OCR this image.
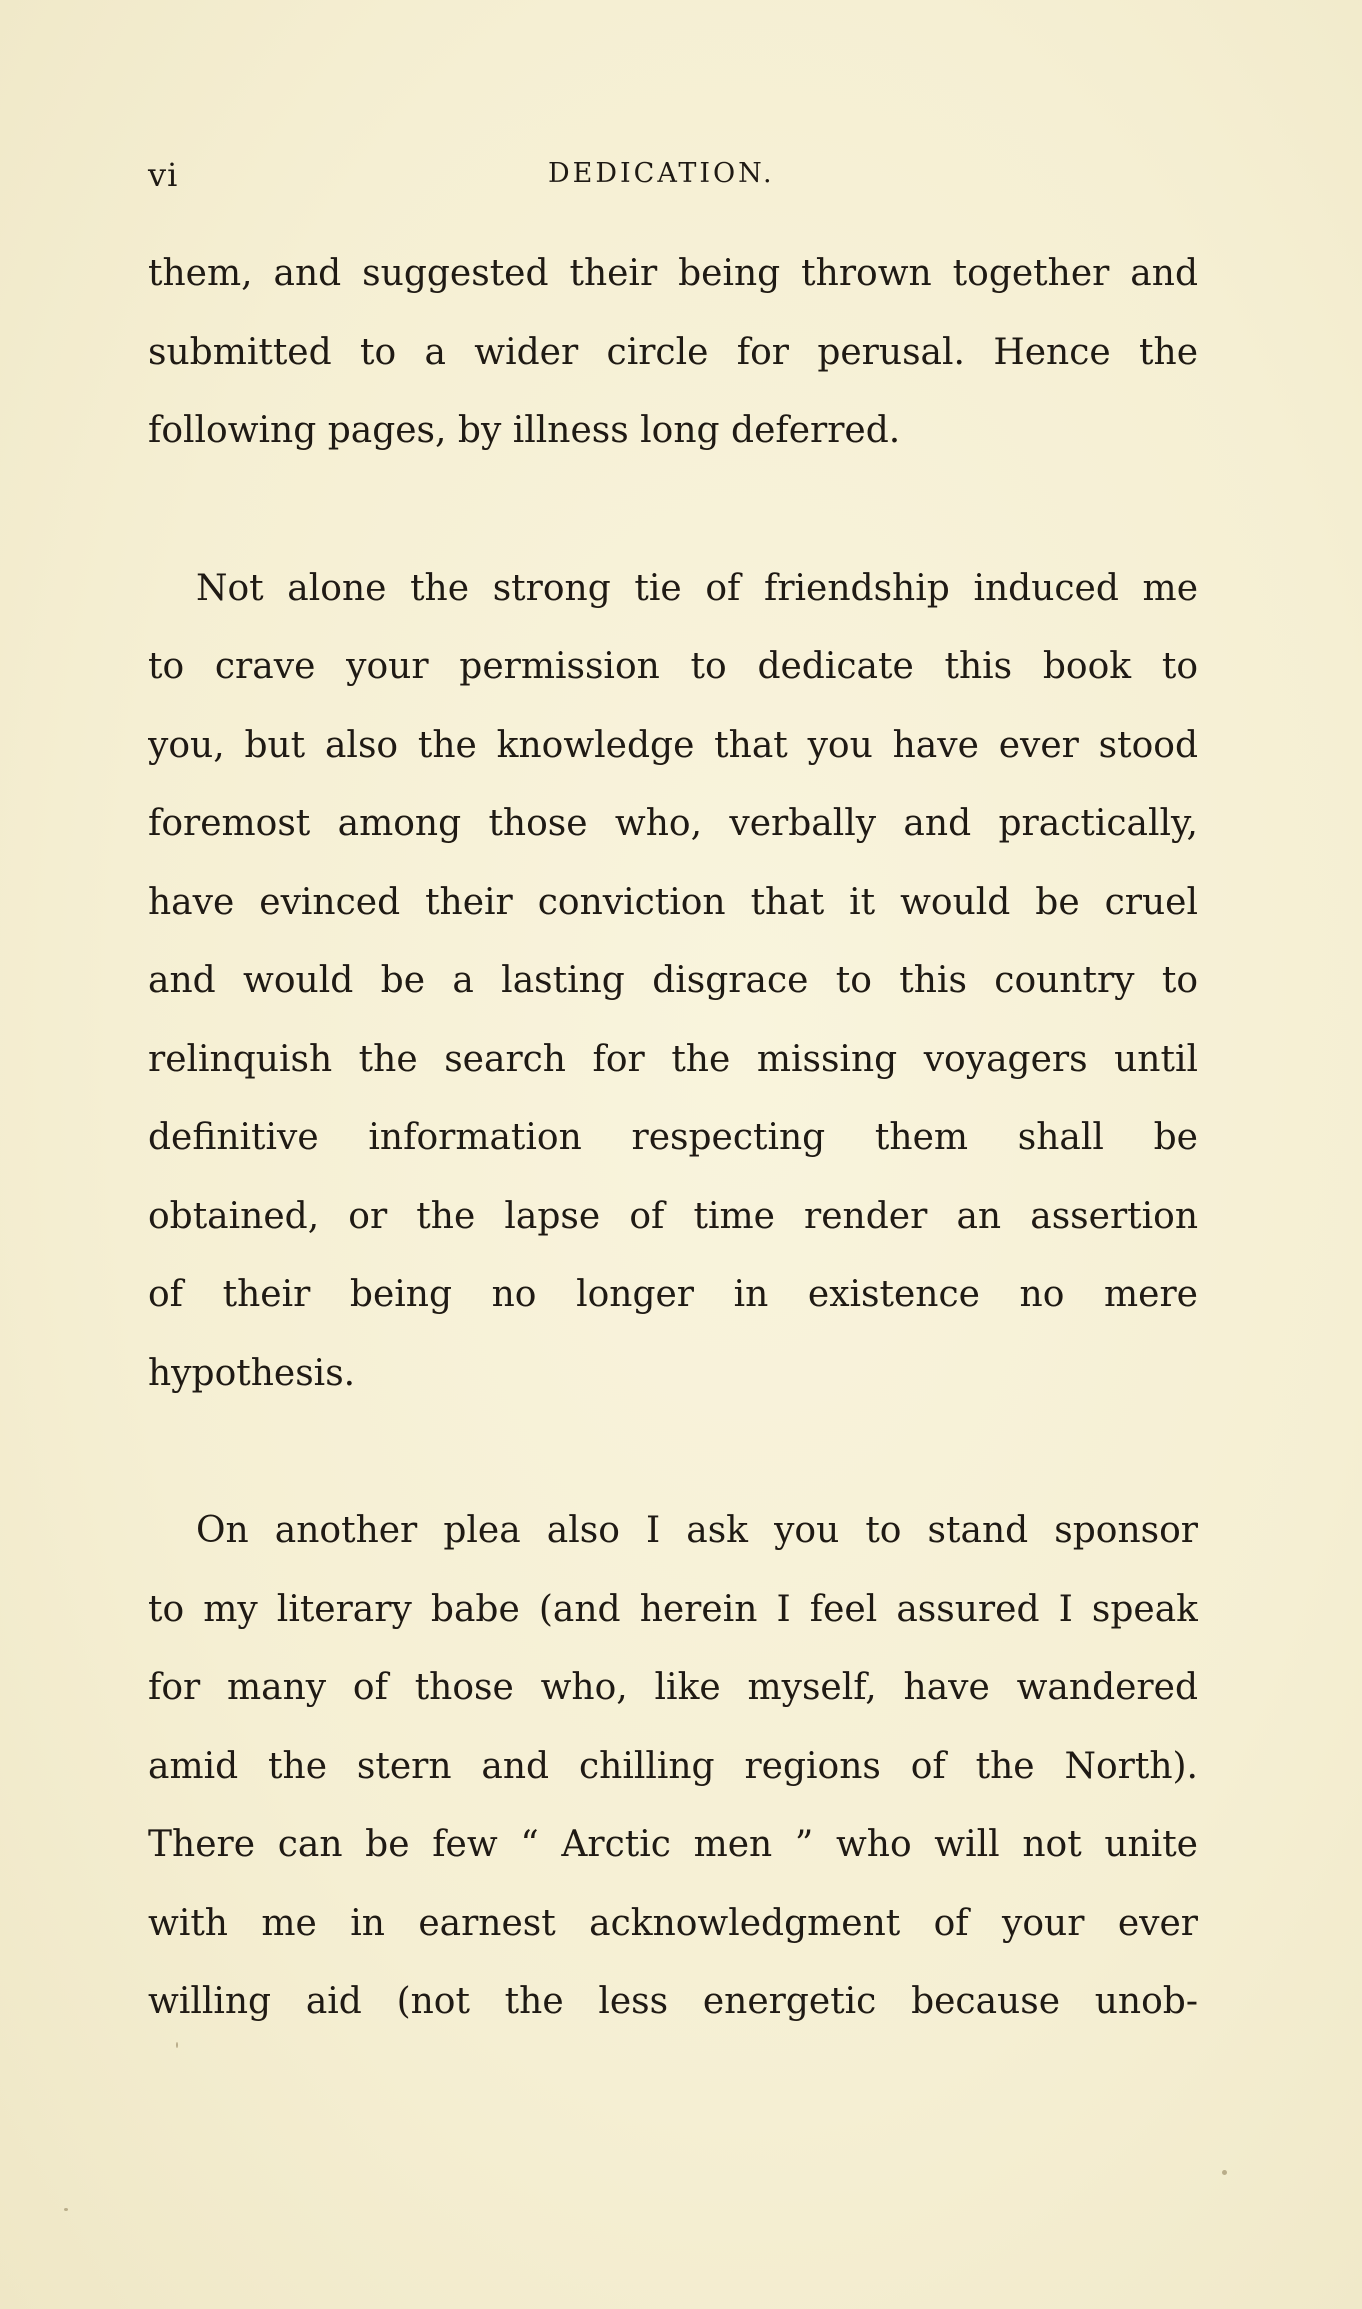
vi	DEDICATION.

them, and suggested their being thrown together and
submitted to a wider circle for perusal. Hence the
following pages, by illness long deferred.

Not alone the strong tie of friendship induced me
to crave your permission to dedicate this book to
you, but also the knowledge that you have ever stood
foremost among those who, verbally and practically,
have evinced their conviction that it would be cruel
and would be a lasting disgrace to this country to
relinquish the search for the missing voyagers until
definitive information respecting them shall be
obtained, or the lapse of time render an assertion
of their being no longer in existence no mere
hypothesis.

On another plea also I ask you to stand sponsor
to my literary babe (and herein I feel assured I speak
for many of those who, like myself, have wandered
amid the stern and chilling regions of the North).
There can be few “ Arctic men ” who will not unite
with me in earnest acknowledgment of your ever
willing aid (not the less energetic because unob-
